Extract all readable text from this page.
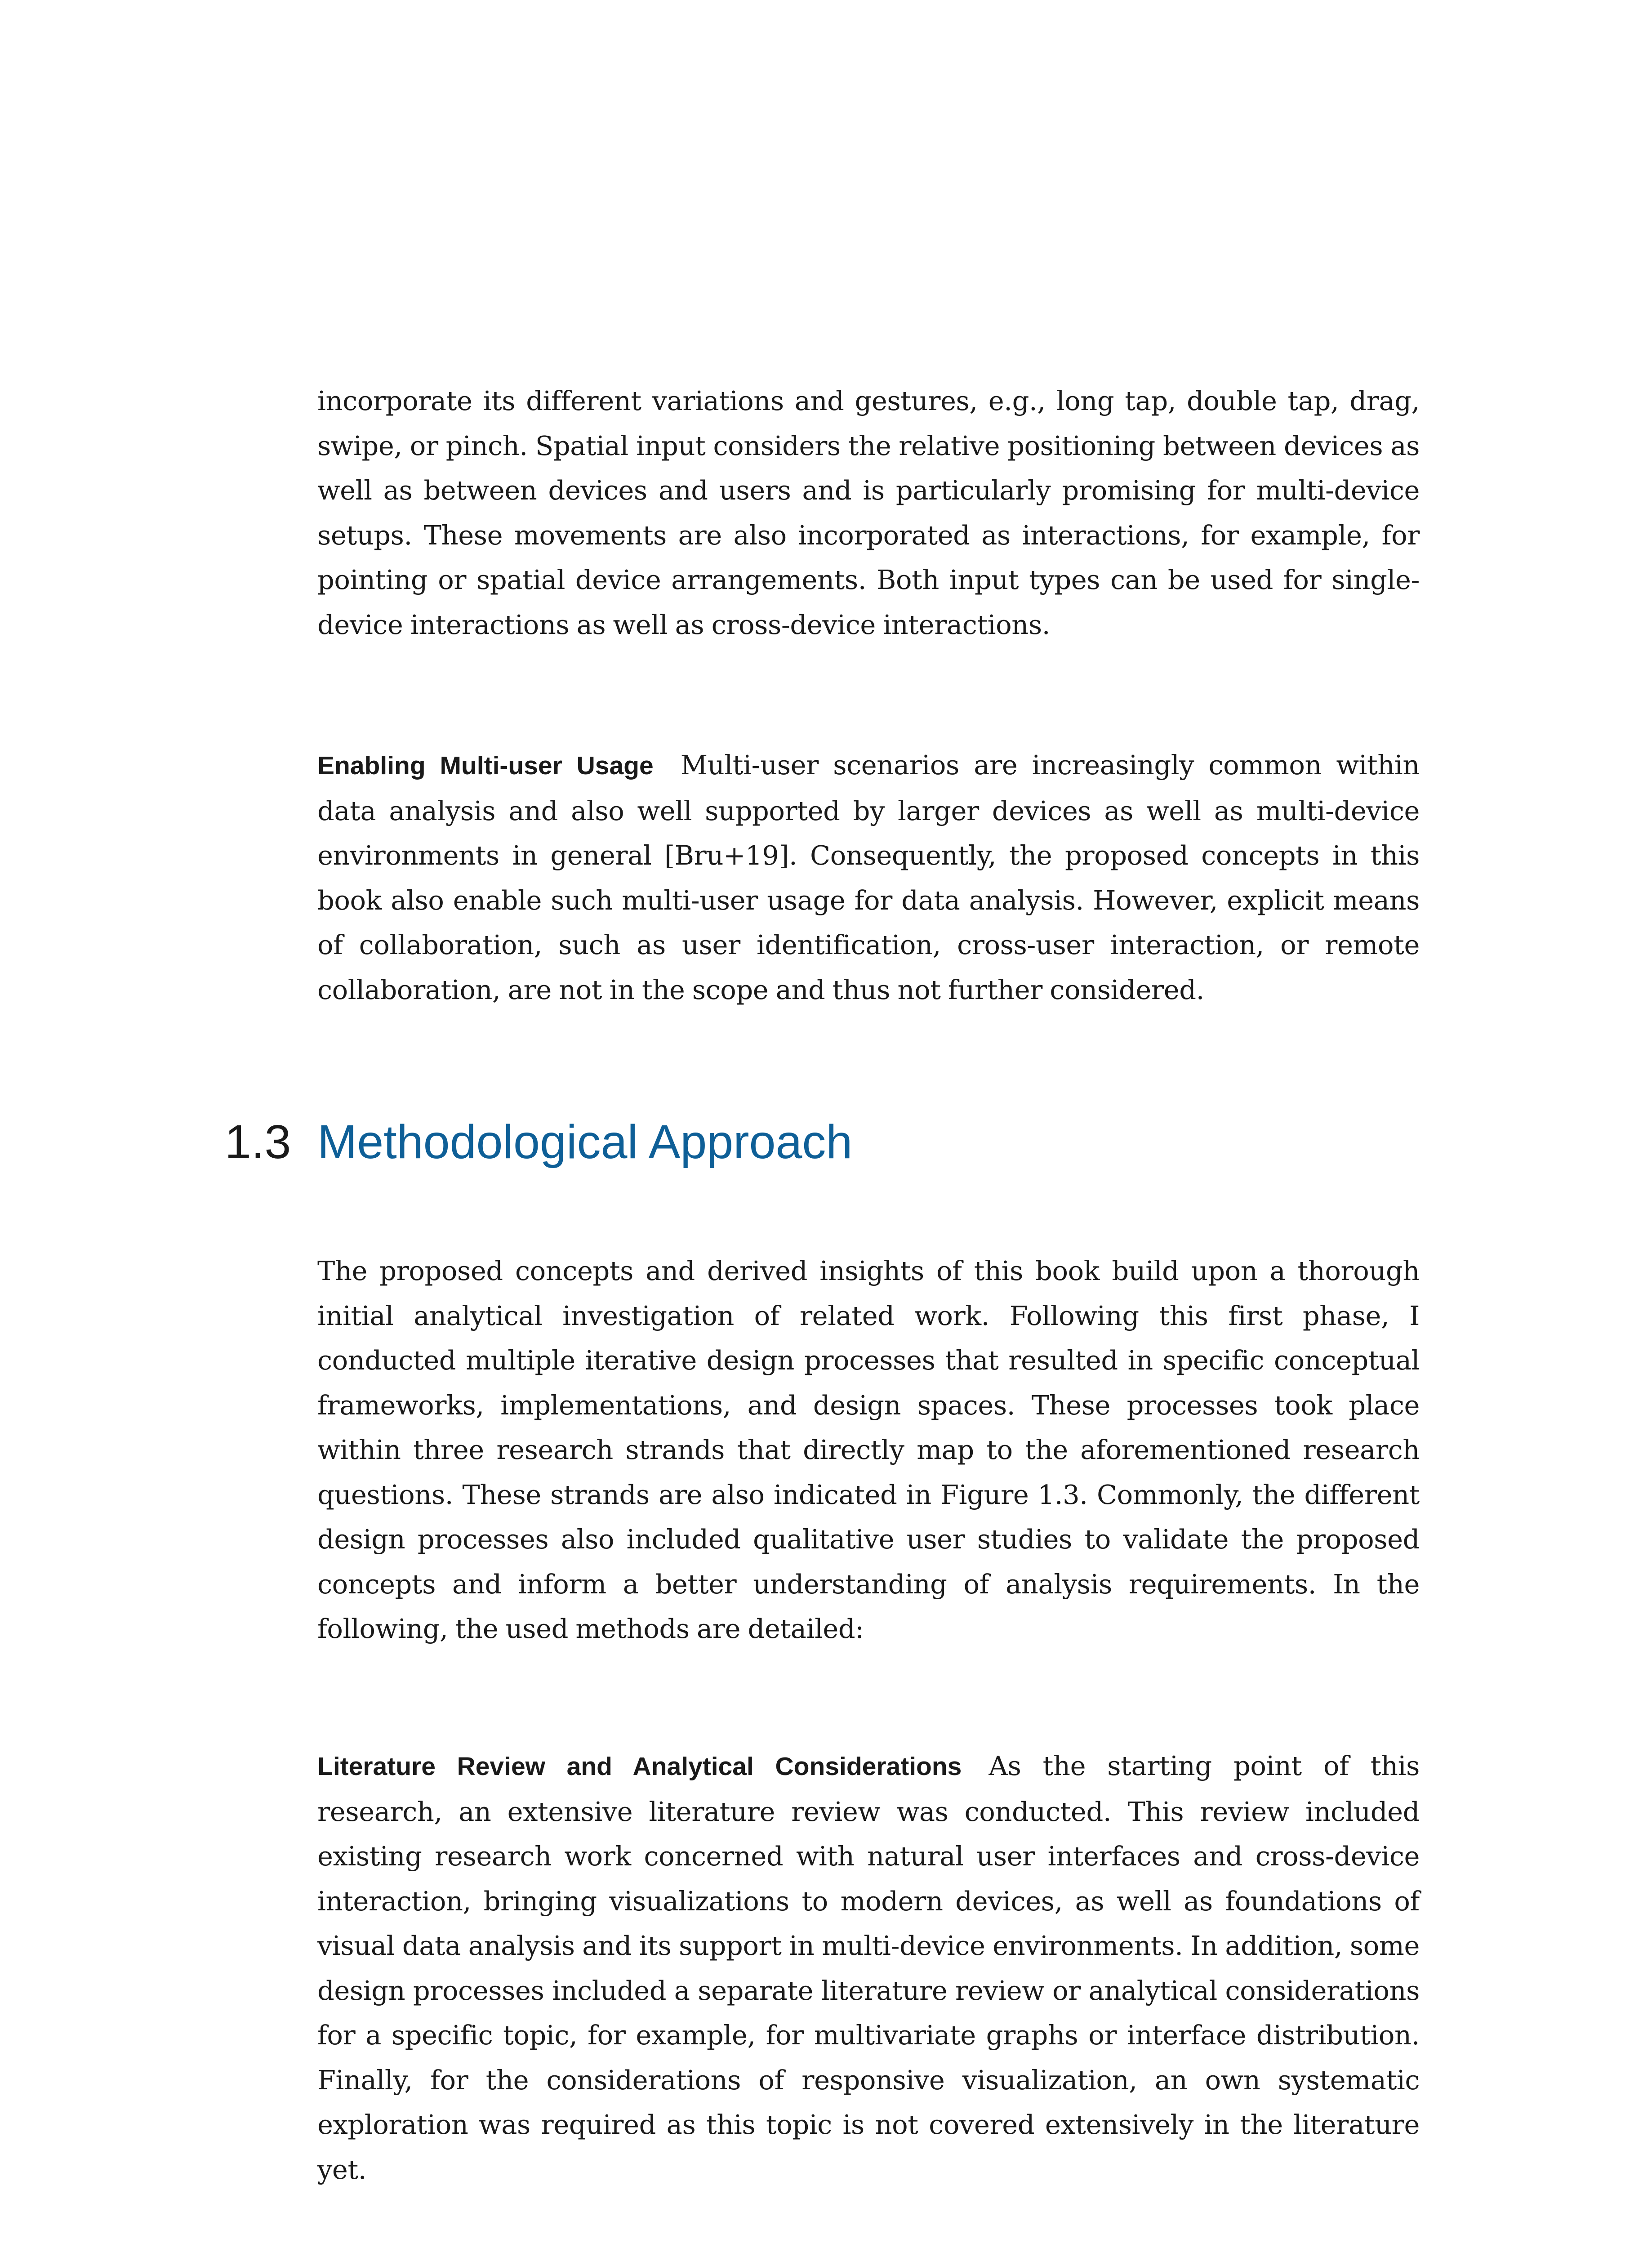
incorporate its different variations and gestures, e.g., long tap, double tap, drag, swipe, or pinch. Spatial input considers the relative positioning between devices as well as between devices and users and is particularly promising for multi-device setups. These movements are also incorporated as interactions, for example, for pointing or spatial device arrangements. Both input types can be used for single-device interactions as well as cross-device interactions.

Enabling Multi-user Usage Multi-user scenarios are increasingly common within data analysis and also well supported by larger devices as well as multi-device environments in general [Bru+19]. Consequently, the proposed concepts in this book also enable such multi-user usage for data analysis. However, explicit means of collaboration, such as user identification, cross-user interaction, or remote collaboration, are not in the scope and thus not further considered.

1.3 Methodological Approach

The proposed concepts and derived insights of this book build upon a thorough initial analytical investigation of related work. Following this first phase, I conducted multiple iterative design processes that resulted in specific conceptual frameworks, implementations, and design spaces. These processes took place within three research strands that directly map to the aforementioned research questions. These strands are also indicated in Figure 1.3. Commonly, the different design processes also included qualitative user studies to validate the proposed concepts and inform a better understanding of analysis requirements. In the following, the used methods are detailed:

Literature Review and Analytical Considerations As the starting point of this research, an extensive literature review was conducted. This review included existing research work concerned with natural user interfaces and cross-device interaction, bringing visualizations to modern devices, as well as foundations of visual data analysis and its support in multi-device environments. In addition, some design processes included a separate literature review or analytical considerations for a specific topic, for example, for multivariate graphs or interface distribution. Finally, for the considerations of responsive visualization, an own systematic exploration was required as this topic is not covered extensively in the literature yet.
